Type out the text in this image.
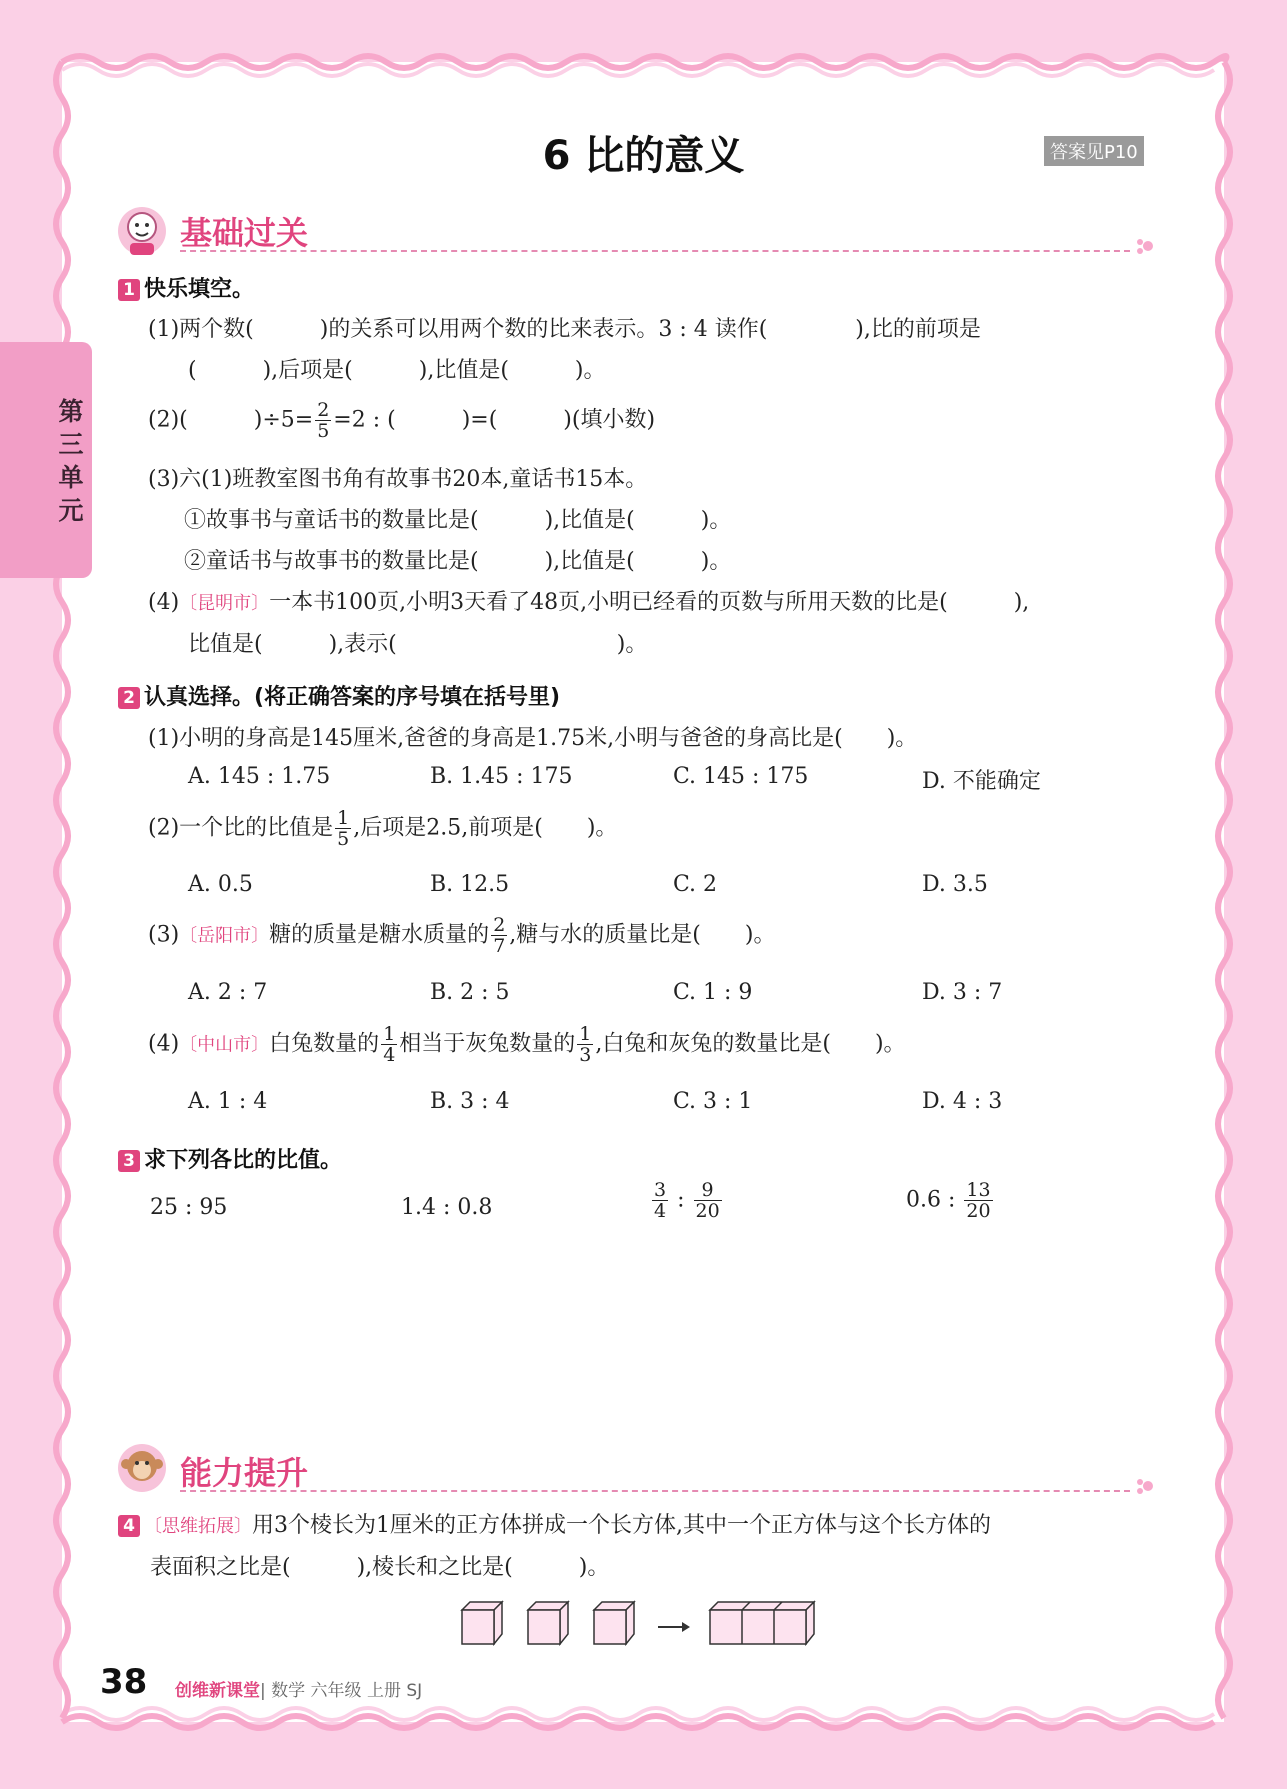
第三单元
6 比的意义	答案见P10
基础过关
1 快乐填空。
(1)两个数(　　　)的关系可以用两个数的比来表示。3 : 4 读作(　　　　),比的前项是
(　　　),后项是(　　　),比值是(　　　)。
(2)(　　　)$\div 5= \frac{2}{5} =2$ : (　　　)=(　　　)(填小数)
(3)六(1)班教室图书角有故事书20本,童话书15本。
①故事书与童话书的数量比是(　　　),比值是(　　　)。
②童话书与故事书的数量比是(　　　),比值是(　　　)。
(4)〔昆明市〕一本书100页,小明3天看了48页,小明已经看的页数与所用天数的比是(　　　),
比值是(　　　),表示(　　　　　　　　　　)。
2 认真选择。(将正确答案的序号填在括号里)
(1)小明的身高是145厘米,爸爸的身高是1.75米,小明与爸爸的身高比是(　　)。
A. 145 : 1.75	B. 1.45 : 175	C. 145 : 175	D. 不能确定
(2)一个比的比值是 $\frac{1}{5}$ ,后项是2.5,前项是(　　)。
A. 0.5	B. 12.5	C. 2	D. 3.5
(3)〔岳阳市〕糖的质量是糖水质量的 $\frac{2}{7}$ ,糖与水的质量比是(　　)。
A. 2 : 7	B. 2 : 5	C. 1 : 9	D. 3 : 7
(4)〔中山市〕白兔数量的 $\frac{1}{4}$ 相当于灰兔数量的 $\frac{1}{3}$ ,白兔和灰兔的数量比是(　　)。
A. 1 : 4	B. 3 : 4	C. 3 : 1	D. 4 : 3
3 求下列各比的比值。
25 : 95	1.4 : 0.8	$\frac{3}{4}$ : $\frac{9}{20}$	0.6 : $\frac{13}{20}$
能力提升
4 〔思维拓展〕用3个棱长为1厘米的正方体拼成一个长方体,其中一个正方体与这个长方体的
表面积之比是(　　　),棱长和之比是(　　　)。
38 创维新课堂| 数学 六年级 上册 SJ
